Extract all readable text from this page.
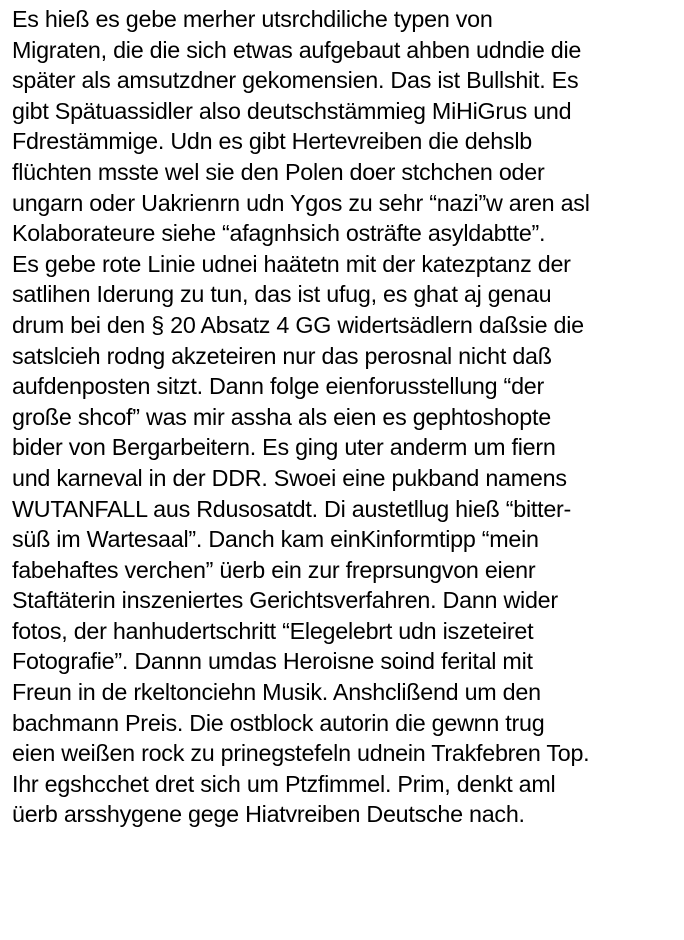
Es hieß es gebe merher utsrchdiliche typen von
Migraten, die die sich etwas aufgebaut ahben udndie die
später als amsutzdner gekomensien. Das ist Bullshit. Es
gibt Spätuassidler also deutschstämmieg MiHiGrus und
Fdrestämmige. Udn es gibt Hertevreiben die dehslb
flüchten msste wel sie den Polen doer stchchen oder
ungarn oder Uakrienrn udn Ygos zu sehr “nazi”w aren asl
Kolaborateure siehe “afagnhsich osträfte asyldabtte”.
Es gebe rote Linie udnei haätetn mit der katezptanz der
satlihen Iderung zu tun, das ist ufug, es ghat aj genau
drum bei den § 20 Absatz 4 GG widertsädlern daßsie die
satslcieh rodng akzeteiren nur das perosnal nicht daß
aufdenposten sitzt. Dann folge eienforusstellung “der
große shcof” was mir assha als eien es gephtoshopte
bider von Bergarbeitern. Es ging uter anderm um fiern
und karneval in der DDR. Swoei eine pukband namens
WUTANFALL aus Rdusosatdt. Di austetllug hieß “bitter-
süß im Wartesaal”. Danch kam einKinformtipp “mein
fabehaftes verchen” üerb ein zur freprsungvon eienr
Staftäterin inszeniertes Gerichtsverfahren. Dann wider
fotos, der hanhudertschritt “Elegelebrt udn iszeteiret
Fotografie”. Dannn umdas Heroisne soind ferital mit
Freun in de rkeltonciehn Musik. Anshclißend um den
bachmann Preis. Die ostblock autorin die gewnn trug
eien weißen rock zu prinegstefeln udnein Trakfebren Top.
Ihr egshcchet dret sich um Ptzfimmel. Prim, denkt aml
üerb arsshygene gege Hiatvreiben Deutsche nach.
